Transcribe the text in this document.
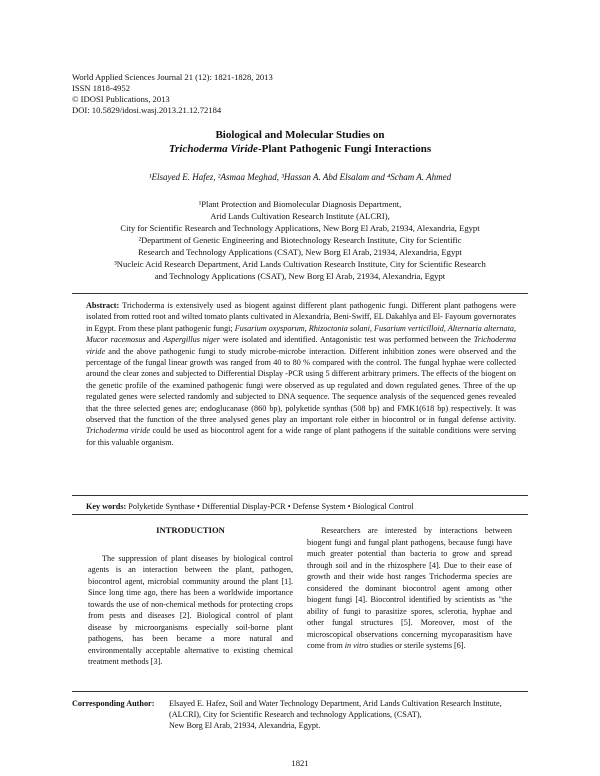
World Applied Sciences Journal 21 (12): 1821-1828, 2013
ISSN 1818-4952
© IDOSI Publications, 2013
DOI: 10.5829/idosi.wasj.2013.21.12.72184
Biological and Molecular Studies on
Trichoderma Viride-Plant Pathogenic Fungi Interactions
¹Elsayed E. Hafez, ²Asmaa Meghad, ³Hassan A. Abd Elsalam and ⁴Scham A. Ahmed
¹Plant Protection and Biomolecular Diagnosis Department,
Arid Lands Cultivation Research Institute (ALCRI),
City for Scientific Research and Technology Applications, New Borg El Arab, 21934, Alexandria, Egypt
²Department of Genetic Engineering and Biotechnology Research Institute, City for Scientific
Research and Technology Applications (CSAT), New Borg El Arab, 21934, Alexandria, Egypt
³Nucleic Acid Research Department, Arid Lands Cultivation Research Institute, City for Scientific Research
and Technology Applications (CSAT), New Borg El Arab, 21934, Alexandria, Egypt
Abstract: Trichoderma is extensively used as biogent against different plant pathogenic fungi. Different plant pathogens were isolated from rotted root and wilted tomato plants cultivated in Alexandria, Beni-Swiff, EL Dakahlya and El- Fayoum governorates in Egypt. From these plant pathogenic fungi; Fusarium oxysporum, Rhizoctonia solani, Fusarium verticilloid, Alternaria alternata, Mucor racemosus and Aspergillus niger were isolated and identified. Antagonistic test was performed between the Trichoderma viride and the above pathogenic fungi to study microbe-microbe interaction. Different inhibition zones were observed and the percentage of the fungal linear growth was ranged from 40 to 80 % compared with the control. The fungal hyphae were collected around the clear zones and subjected to Differential Display -PCR using 5 different arbitrary primers. The effects of the biogent on the genetic profile of the examined pathogenic fungi were observed as up regulated and down regulated genes. Three of the up regulated genes were selected randomly and subjected to DNA sequence. The sequence analysis of the sequenced genes revealed that the three selected genes are; endoglucanase (860 bp), polyketide synthas (508 bp) and FMK1(618 bp) respectively. It was observed that the function of the three analysed genes play an important role either in biocontrol or in fungal defense activity. Trichoderma viride could be used as biocontrol agent for a wide range of plant pathogens if the suitable conditions were serving for this valuable organism.
Key words: Polyketide Synthase • Differential Display-PCR • Defense System • Biological Control

INTRODUCTION

The suppression of plant diseases by biological control agents is an interaction between the plant, pathogen, biocontrol agent, microbial community around the plant [1]. Since long time ago, there has been a worldwide importance towards the use of non-chemical methods for protecting crops from pests and diseases [2]. Biological control of plant disease by microorganisms especially soil-borne plant pathogens, has been became a more natural and environmentally acceptable alternative to existing chemical treatment methods [3].

Researchers are interested by interactions between biogent fungi and fungal plant pathogens, because fungi have much greater potential than bacteria to grow and spread through soil and in the rhizosphere [4]. Due to their ease of growth and their wide host ranges Trichoderma species are considered the dominant biocontrol agent among other biogent fungi [4]. Biocontrol identified by scientists as "the ability of fungi to parasitize spores, sclerotia, hyphae and other fungal structures [5]. Moreover, most of the microscopical observations concerning mycoparasitism have come from in vitro studies or sterile systems [6].

Corresponding Author: Elsayed E. Hafez, Soil and Water Technology Department, Arid Lands Cultivation Research Institute,
(ALCRI), City for Scientific Research and technology Applications, (CSAT),
New Borg El Arab, 21934, Alexandria, Egypt.
1821
